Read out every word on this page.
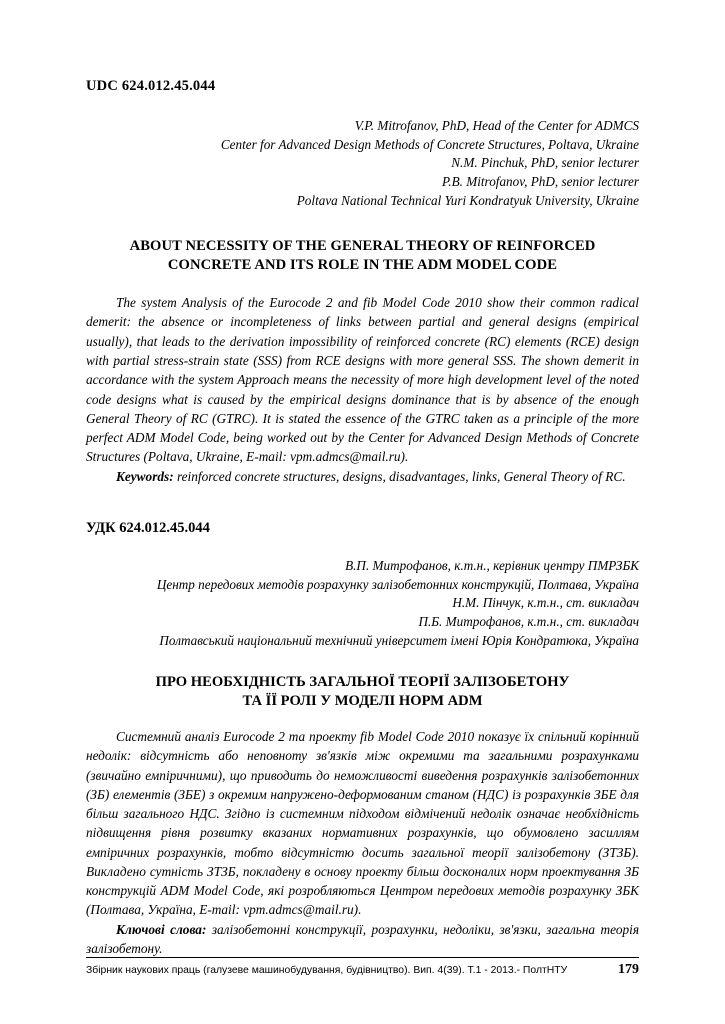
UDC 624.012.45.044
V.P. Mitrofanov, PhD, Head of the Center for ADMCS
Center for Advanced Design Methods of Concrete Structures, Poltava, Ukraine
N.M. Pinchuk, PhD, senior lecturer
P.B. Mitrofanov, PhD, senior lecturer
Poltava National Technical Yuri Kondratyuk University, Ukraine
ABOUT NECESSITY OF THE GENERAL THEORY OF REINFORCED
CONCRETE AND ITS ROLE IN THE ADM MODEL CODE

The system Analysis of the Eurocode 2 and fib Model Code 2010 show their common radical demerit: the absence or incompleteness of links between partial and general designs (empirical usually), that leads to the derivation impossibility of reinforced concrete (RC) elements (RCE) design with partial stress-strain state (SSS) from RCE designs with more general SSS. The shown demerit in accordance with the system Approach means the necessity of more high development level of the noted code designs what is caused by the empirical designs dominance that is by absence of the enough General Theory of RC (GTRC). It is stated the essence of the GTRC taken as a principle of the more perfect ADM Model Code, being worked out by the Center for Advanced Design Methods of Concrete Structures (Poltava, Ukraine, E-mail: vpm.admcs@mail.ru).

Keywords: reinforced concrete structures, designs, disadvantages, links, General Theory of RC.

УДК 624.012.45.044
В.П. Митрофанов, к.т.н., керівник центру ПМРЗБК
Центр передових методів розрахунку залізобетонних конструкцій, Полтава, Україна
Н.М. Пінчук, к.т.н., ст. викладач
П.Б. Митрофанов, к.т.н., ст. викладач
Полтавський національний технічний університет імені Юрія Кондратюка, Україна
ПРО НЕОБХІДНІСТЬ ЗАГАЛЬНОЇ ТЕОРІЇ ЗАЛІЗОБЕТОНУ
ТА ЇЇ РОЛІ У МОДЕЛІ НОРМ ADM

Системний аналіз Eurocode 2 та проекту fib Model Code 2010 показує їх спільний корінний недолік: відсутність або неповноту зв'язків між окремими та загальними розрахунками (звичайно емпіричними), що приводить до неможливості виведення розрахунків залізобетонних (ЗБ) елементів (ЗБЕ) з окремим напружено-деформованим станом (НДС) із розрахунків ЗБЕ для більш загального НДС. Згідно із системним підходом відмічений недолік означає необхідність підвищення рівня розвитку вказаних нормативних розрахунків, що обумовлено засиллям емпіричних розрахунків, тобто відсутністю досить загальної теорії залізобетону (ЗТЗБ). Викладено сутність ЗТЗБ, покладену в основу проекту більш досконалих норм проектування ЗБ конструкцій ADM Model Code, які розробляються Центром передових методів розрахунку ЗБК (Полтава, Україна, E-mail: vpm.admcs@mail.ru).

Ключові слова: залізобетонні конструкції, розрахунки, недоліки, зв'язки, загальна теорія залізобетону.

Збірник наукових праць (галузеве машинобудування, будівництво). Вип. 4(39). Т.1 - 2013.- ПолтНТУ	179
